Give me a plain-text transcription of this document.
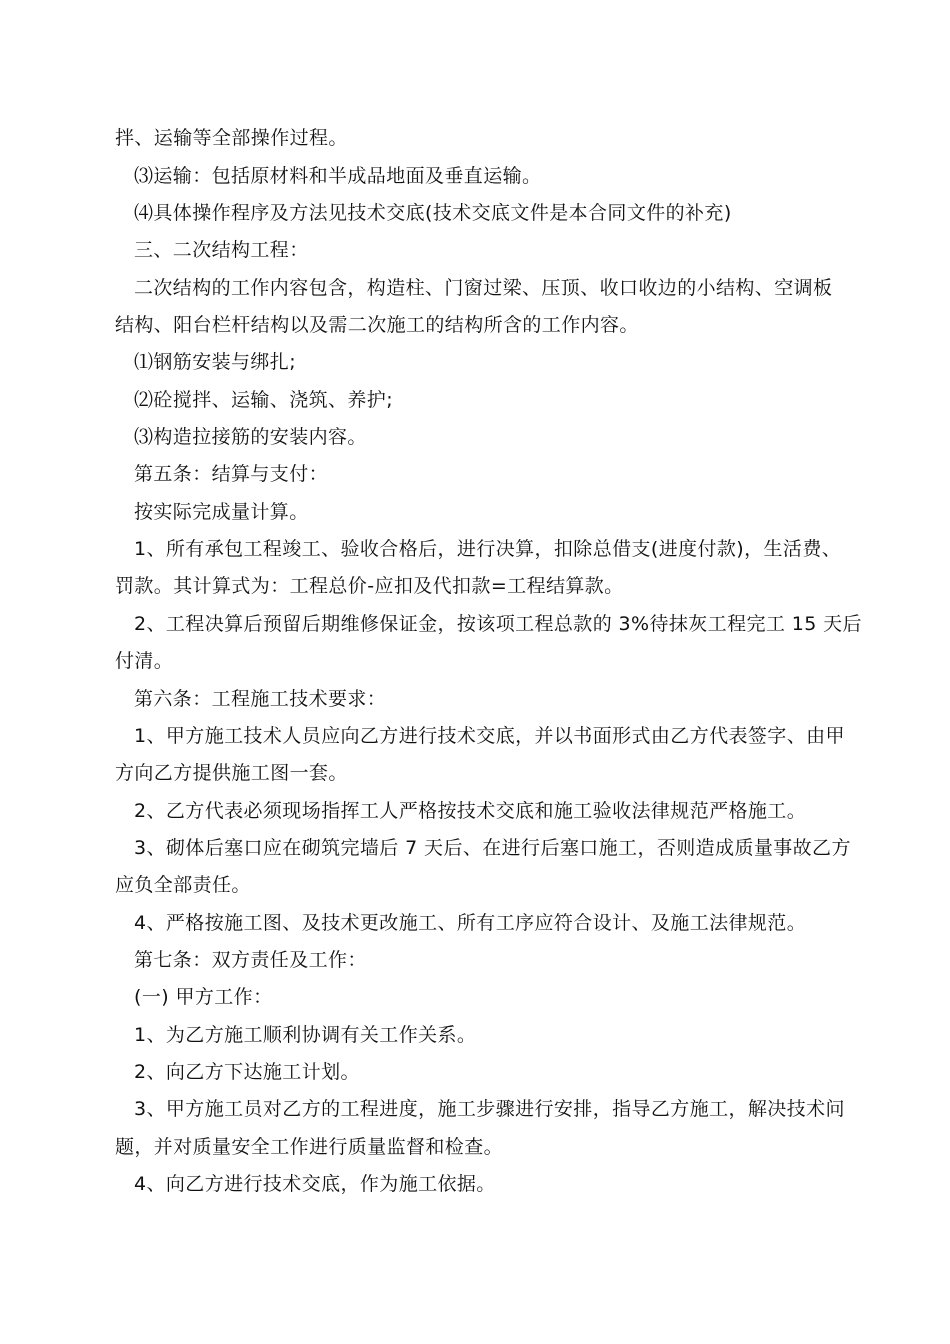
拌、运输等全部操作过程。
⑶运输：包括原材料和半成品地面及垂直运输。
⑷具体操作程序及方法见技术交底(技术交底文件是本合同文件的补充)
三、二次结构工程：
二次结构的工作内容包含，构造柱、门窗过梁、压顶、收口收边的小结构、空调板
结构、阳台栏杆结构以及需二次施工的结构所含的工作内容。
⑴钢筋安装与绑扎;
⑵砼搅拌、运输、浇筑、养护;
⑶构造拉接筋的安装内容。
第五条：结算与支付：
按实际完成量计算。
1、所有承包工程竣工、验收合格后，进行决算，扣除总借支(进度付款)，生活费、
罚款。其计算式为：工程总价-应扣及代扣款=工程结算款。
2、工程决算后预留后期维修保证金，按该项工程总款的 3%待抹灰工程完工 15 天后
付清。
第六条：工程施工技术要求：
1、甲方施工技术人员应向乙方进行技术交底，并以书面形式由乙方代表签字、由甲
方向乙方提供施工图一套。
2、乙方代表必须现场指挥工人严格按技术交底和施工验收法律规范严格施工。
3、砌体后塞口应在砌筑完墙后 7 天后、在进行后塞口施工，否则造成质量事故乙方
应负全部责任。
4、严格按施工图、及技术更改施工、所有工序应符合设计、及施工法律规范。
第七条：双方责任及工作：
(一) 甲方工作：
1、为乙方施工顺利协调有关工作关系。
2、向乙方下达施工计划。
3、甲方施工员对乙方的工程进度，施工步骤进行安排，指导乙方施工，解决技术问
题，并对质量安全工作进行质量监督和检查。
4、向乙方进行技术交底，作为施工依据。
